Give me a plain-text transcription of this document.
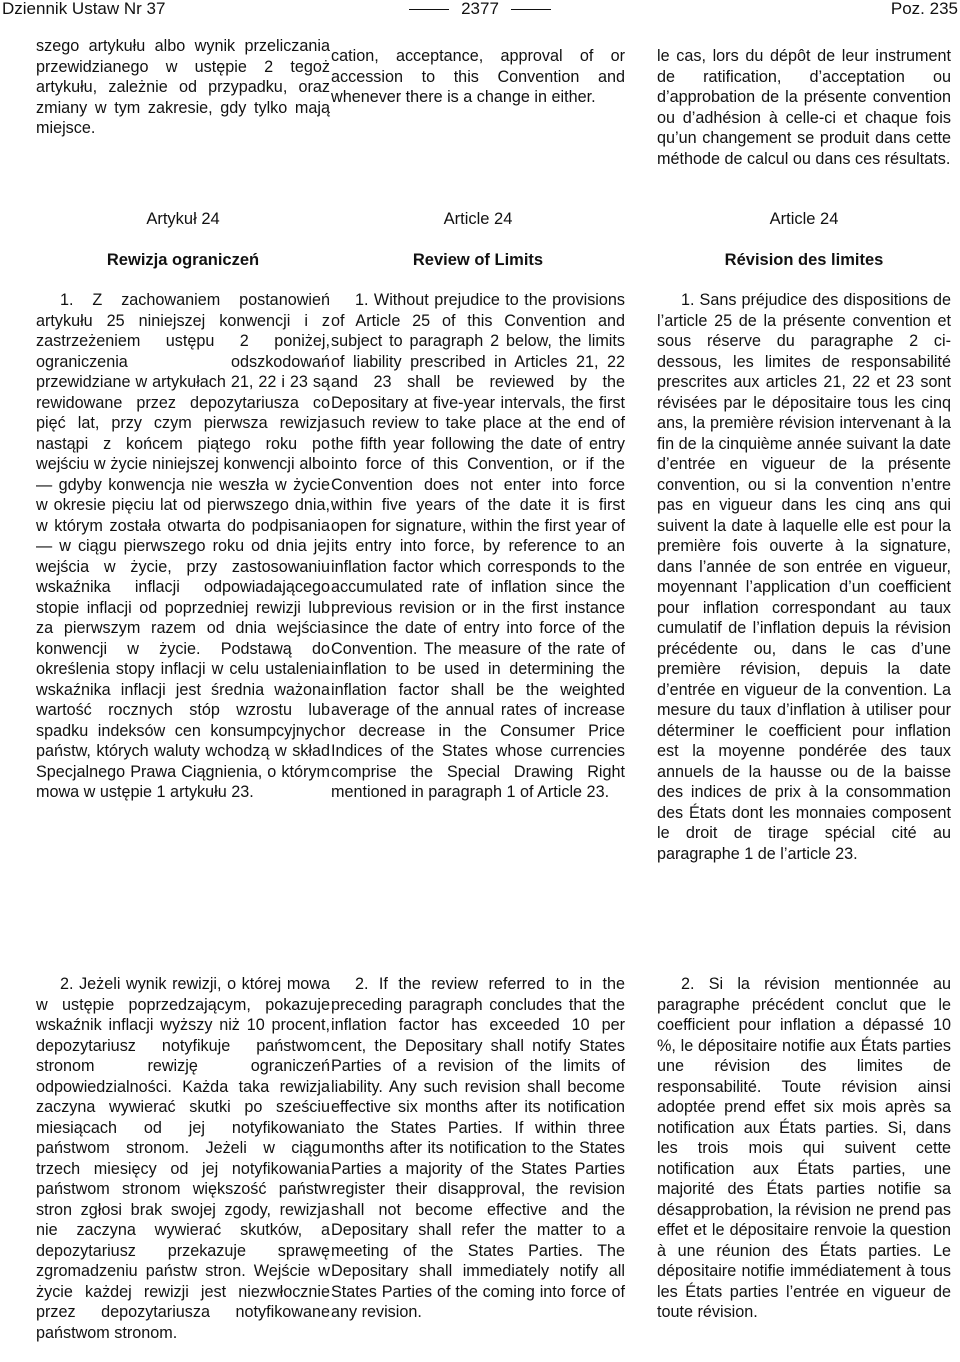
Dziennik Ustaw Nr 37	2377	Poz. 235

szego artykułu albo wynik przeliczania przewidzianego w ustępie 2 tegoż artykułu, zależnie od przypadku, oraz zmiany w tym zakresie, gdy tylko mają miejsce.

Artykuł 24
Rewizja ograniczeń

1. Z zachowaniem postanowień artykułu 25 niniejszej konwencji i z zastrzeżeniem ustępu 2 poniżej, ograniczenia odszkodowań przewidziane w artykułach 21, 22 i 23 są rewidowane przez depozytariusza co pięć lat, przy czym pierwsza rewizja nastąpi z końcem piątego roku po wejściu w życie niniejszej konwencji albo — gdyby konwencja nie weszła w życie w okresie pięciu lat od pierwszego dnia, w którym została otwarta do podpisania — w ciągu pierwszego roku od dnia jej wejścia w życie, przy zastosowaniu wskaźnika inflacji odpowiadającego stopie inflacji od poprzedniej rewizji lub za pierwszym razem od dnia wejścia konwencji w życie. Podstawą do określenia stopy inflacji w celu ustalenia wskaźnika inflacji jest średnia ważona wartość rocznych stóp wzrostu lub spadku indeksów cen konsumpcyjnych państw, których waluty wchodzą w skład Specjalnego Prawa Ciągnienia, o którym mowa w ustępie 1 artykułu 23.

2. Jeżeli wynik rewizji, o której mowa w ustępie poprzedzającym, pokazuje wskaźnik inflacji wyższy niż 10 procent, depozytariusz notyfikuje państwom stronom rewizję ograniczeń odpowiedzialności. Każda taka rewizja zaczyna wywierać skutki po sześciu miesiącach od jej notyfikowania państwom stronom. Jeżeli w ciągu trzech miesięcy od jej notyfikowania państwom stronom większość państw stron zgłosi brak swojej zgody, rewizja nie zaczyna wywierać skutków, a depozytariusz przekazuje sprawę zgromadzeniu państw stron. Wejście w życie każdej rewizji jest niezwłocznie przez depozytariusza notyfikowane państwom stronom.

cation, acceptance, approval of or accession to this Convention and whenever there is a change in either.

Article 24
Review of Limits

1. Without prejudice to the provisions of Article 25 of this Convention and subject to paragraph 2 below, the limits of liability prescribed in Articles 21, 22 and 23 shall be reviewed by the Depositary at five-year intervals, the first such review to take place at the end of the fifth year following the date of entry into force of this Convention, or if the Convention does not enter into force within five years of the date it is first open for signature, within the first year of its entry into force, by reference to an inflation factor which corresponds to the accumulated rate of inflation since the previous revision or in the first instance since the date of entry into force of the Convention. The measure of the rate of inflation to be used in determining the inflation factor shall be the weighted average of the annual rates of increase or decrease in the Consumer Price Indices of the States whose currencies comprise the Special Drawing Right mentioned in paragraph 1 of Article 23.

2. If the review referred to in the preceding paragraph concludes that the inflation factor has exceeded 10 per cent, the Depositary shall notify States Parties of a revision of the limits of liability. Any such revision shall become effective six months after its notification to the States Parties. If within three months after its notification to the States Parties a majority of the States Parties register their disapproval, the revision shall not become effective and the Depositary shall refer the matter to a meeting of the States Parties. The Depositary shall immediately notify all States Parties of the coming into force of any revision.

le cas, lors du dépôt de leur instrument de ratification, d’acceptation ou d’approbation de la présente convention ou d’adhésion à celle-ci et chaque fois qu’un changement se produit dans cette méthode de calcul ou dans ces résultats.

Article 24
Révision des limites

1. Sans préjudice des dispositions de l’article 25 de la présente convention et sous réserve du paragraphe 2 ci-dessous, les limites de responsabilité prescrites aux articles 21, 22 et 23 sont révisées par le dépositaire tous les cinq ans, la première révision intervenant à la fin de la cinquième année suivant la date d’entrée en vigueur de la présente convention, ou si la convention n’entre pas en vigueur dans les cinq ans qui suivent la date à laquelle elle est pour la première fois ouverte à la signature, dans l’année de son entrée en vigueur, moyennant l’application d’un coefficient pour inflation correspondant au taux cumulatif de l’inflation depuis la révision précédente ou, dans le cas d’une première révision, depuis la date d’entrée en vigueur de la convention. La mesure du taux d’inflation à utiliser pour déterminer le coefficient pour inflation est la moyenne pondérée des taux annuels de la hausse ou de la baisse des indices de prix à la consommation des États dont les monnaies composent le droit de tirage spécial cité au paragraphe 1 de l’article 23.

2. Si la révision mentionnée au paragraphe précédent conclut que le coefficient pour inflation a dépassé 10 %, le dépositaire notifie aux États parties une révision des limites de responsabilité. Toute révision ainsi adoptée prend effet six mois après sa notification aux États parties. Si, dans les trois mois qui suivent cette notification aux États parties, une majorité des États parties notifie sa désapprobation, la révision ne prend pas effet et le dépositaire renvoie la question à une réunion des États parties. Le dépositaire notifie immédiatement à tous les États parties l’entrée en vigueur de toute révision.
